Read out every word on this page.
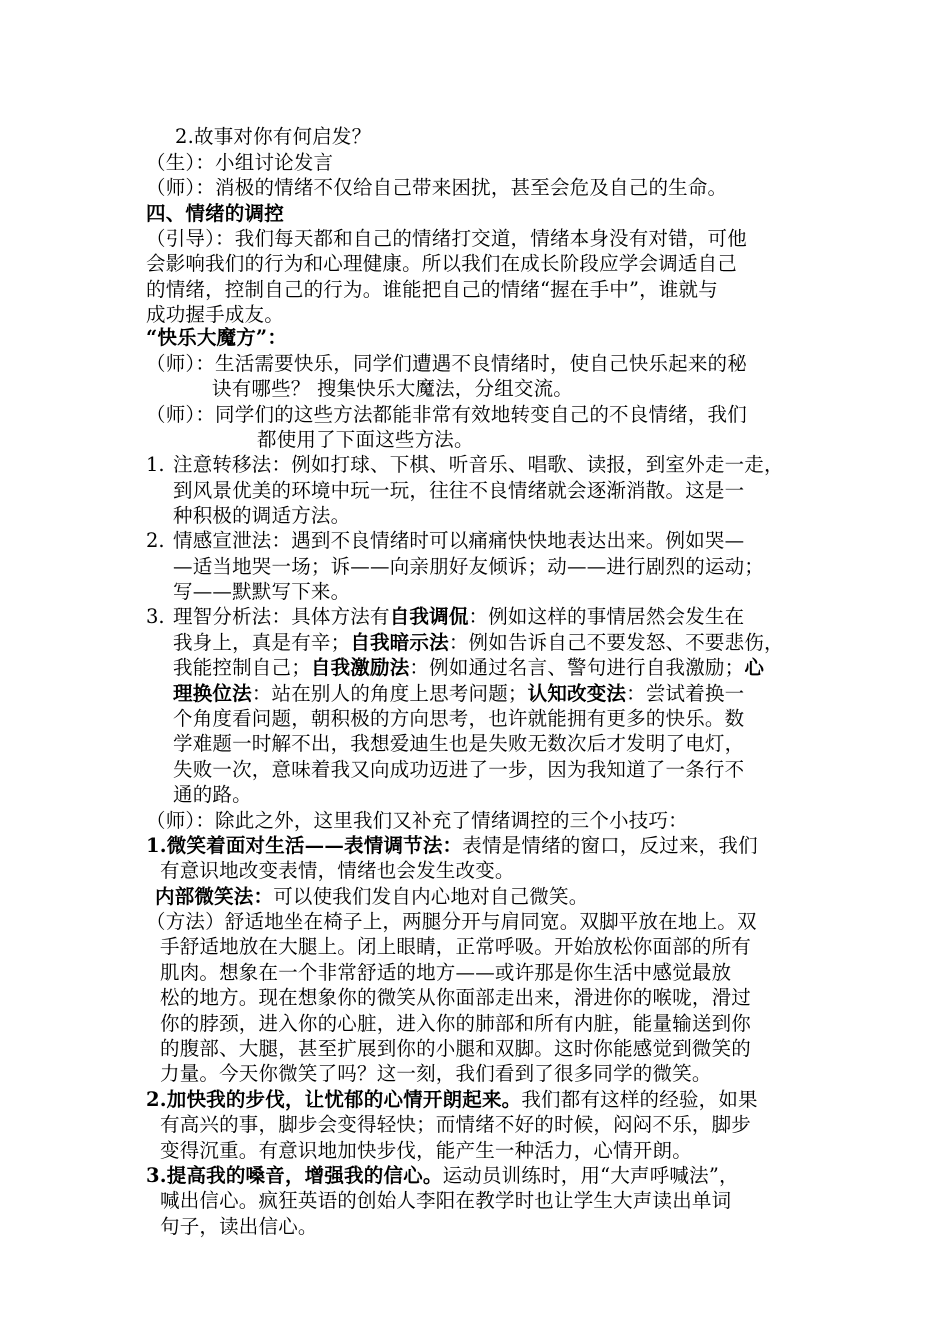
2.故事对你有何启发？
（生）：小组讨论发言
（师）：消极的情绪不仅给自己带来困扰，甚至会危及自己的生命。
四、情绪的调控
（引导）：我们每天都和自己的情绪打交道，情绪本身没有对错，可他
会影响我们的行为和心理健康。所以我们在成长阶段应学会调适自己
的情绪，控制自己的行为。谁能把自己的情绪“握在手中”，谁就与
成功握手成友。
“快乐大魔方”：
（师）：生活需要快乐，同学们遭遇不良情绪时，使自己快乐起来的秘
诀有哪些？ 搜集快乐大魔法，分组交流。
（师）：同学们的这些方法都能非常有效地转变自己的不良情绪，我们
都使用了下面这些方法。
1. 注意转移法：例如打球、下棋、听音乐、唱歌、读报，到室外走一走，
到风景优美的环境中玩一玩，往往不良情绪就会逐渐消散。这是一
种积极的调适方法。
2. 情感宣泄法：遇到不良情绪时可以痛痛快快地表达出来。例如哭—
—适当地哭一场；诉——向亲朋好友倾诉；动——进行剧烈的运动；
写——默默写下来。
3. 理智分析法：具体方法有自我调侃：例如这样的事情居然会发生在
我身上，真是有辛；自我暗示法：例如告诉自己不要发怒、不要悲伤，
我能控制自己；自我激励法：例如通过名言、警句进行自我激励；心
理换位法：站在别人的角度上思考问题；认知改变法：尝试着换一
个角度看问题，朝积极的方向思考，也许就能拥有更多的快乐。数
学难题一时解不出，我想爱迪生也是失败无数次后才发明了电灯，
失败一次，意味着我又向成功迈进了一步，因为我知道了一条行不
通的路。
（师）：除此之外，这里我们又补充了情绪调控的三个小技巧：
1.微笑着面对生活——表情调节法：表情是情绪的窗口，反过来，我们
有意识地改变表情，情绪也会发生改变。
内部微笑法：可以使我们发自内心地对自己微笑。
（方法）舒适地坐在椅子上，两腿分开与肩同宽。双脚平放在地上。双
手舒适地放在大腿上。闭上眼睛，正常呼吸。开始放松你面部的所有
肌肉。想象在一个非常舒适的地方——或许那是你生活中感觉最放
松的地方。现在想象你的微笑从你面部走出来，滑进你的喉咙，滑过
你的脖颈，进入你的心脏，进入你的肺部和所有内脏，能量输送到你
的腹部、大腿，甚至扩展到你的小腿和双脚。这时你能感觉到微笑的
力量。今天你微笑了吗？这一刻，我们看到了很多同学的微笑。
2.加快我的步伐，让忧郁的心情开朗起来。我们都有这样的经验，如果
有高兴的事，脚步会变得轻快；而情绪不好的时候，闷闷不乐，脚步
变得沉重。有意识地加快步伐，能产生一种活力，心情开朗。
3.提高我的嗓音，增强我的信心。运动员训练时，用“大声呼喊法”，
喊出信心。疯狂英语的创始人李阳在教学时也让学生大声读出单词
句子，读出信心。
